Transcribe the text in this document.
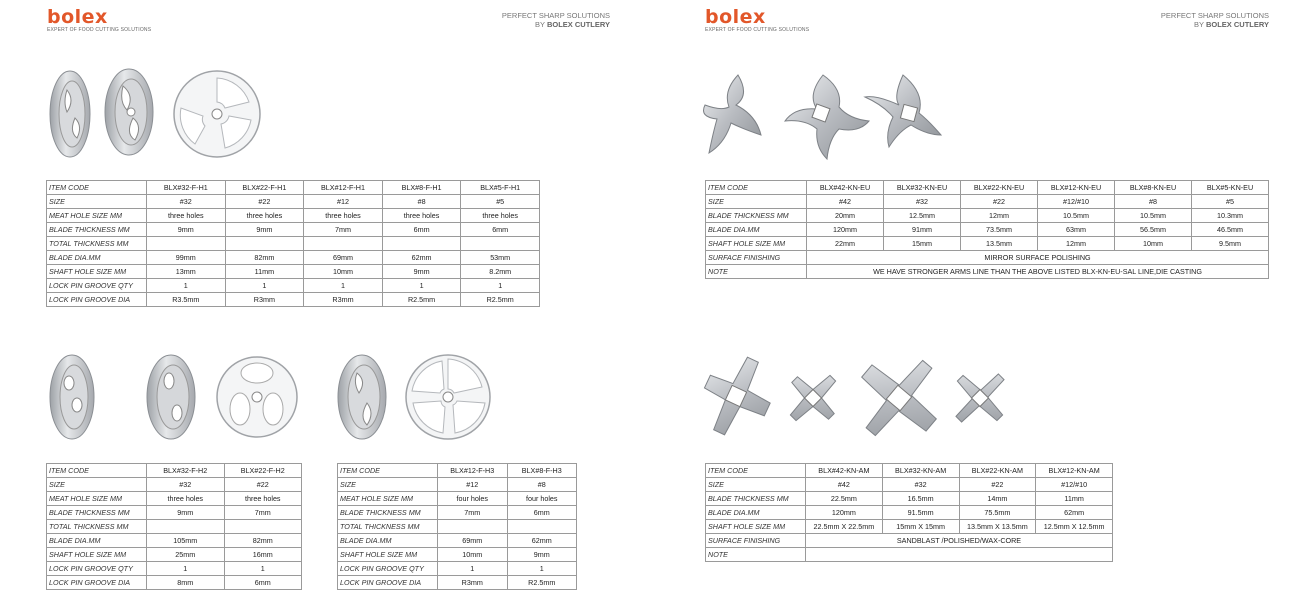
bolex
EXPERT OF FOOD CUTTING SOLUTIONS
PERFECT SHARP SOLUTIONS
BY BOLEX CUTLERY	bolex
EXPERT OF FOOD CUTTING SOLUTIONS
PERFECT SHARP SOLUTIONS
BY BOLEX CUTLERY
ITEM CODE	BLX#32-F-H1	BLX#22-F-H1	BLX#12-F-H1	BLX#8-F-H1	BLX#5-F-H1
SIZE	#32	#22	#12	#8	#5
MEAT HOLE SIZE MM	three holes	three holes	three holes	three holes	three holes
BLADE THICKNESS MM	9mm	9mm	7mm	6mm	6mm
TOTAL THICKNESS MM					
BLADE DIA.MM	99mm	82mm	69mm	62mm	53mm
SHAFT HOLE SIZE MM	13mm	11mm	10mm	9mm	8.2mm
LOCK PIN GROOVE QTY	1	1	1	1	1
LOCK PIN GROOVE DIA	R3.5mm	R3mm	R3mm	R2.5mm	R2.5mm
ITEM CODE	BLX#42-KN-EU	BLX#32-KN-EU	BLX#22-KN-EU	BLX#12-KN-EU	BLX#8-KN-EU	BLX#5-KN-EU
SIZE	#42	#32	#22	#12/#10	#8	#5
BLADE THICKNESS MM	20mm	12.5mm	12mm	10.5mm	10.5mm	10.3mm
BLADE DIA.MM	120mm	91mm	73.5mm	63mm	56.5mm	46.5mm
SHAFT HOLE SIZE MM	22mm	15mm	13.5mm	12mm	10mm	9.5mm
SURFACE FINISHING	MIRROR SURFACE POLISHING					
NOTE	WE HAVE STRONGER ARMS LINE THAN THE ABOVE LISTED BLX-KN-EU-SAL LINE,DIE CASTING					
ITEM CODE	BLX#32-F-H2	BLX#22-F-H2
SIZE	#32	#22
MEAT HOLE SIZE MM	three holes	three holes
BLADE THICKNESS MM	9mm	7mm
TOTAL THICKNESS MM		
BLADE DIA.MM	105mm	82mm
SHAFT HOLE SIZE MM	25mm	16mm
LOCK PIN GROOVE QTY	1	1
LOCK PIN GROOVE DIA	8mm	6mm
ITEM CODE	BLX#12-F-H3	BLX#8-F-H3
SIZE	#12	#8
MEAT HOLE SIZE MM	four holes	four holes
BLADE THICKNESS MM	7mm	6mm
TOTAL THICKNESS MM		
BLADE DIA.MM	69mm	62mm
SHAFT HOLE SIZE MM	10mm	9mm
LOCK PIN GROOVE QTY	1	1
LOCK PIN GROOVE DIA	R3mm	R2.5mm
ITEM CODE	BLX#42-KN-AM	BLX#32-KN-AM	BLX#22-KN-AM	BLX#12-KN-AM
SIZE	#42	#32	#22	#12/#10
BLADE THICKNESS MM	22.5mm	16.5mm	14mm	11mm
BLADE DIA.MM	120mm	91.5mm	75.5mm	62mm
SHAFT HOLE SIZE MM	22.5mm X 22.5mm	15mm X 15mm	13.5mm X 13.5mm	12.5mm X 12.5mm
SURFACE FINISHING	SANDBLAST /POLISHED/WAX-CORE			
NOTE				
